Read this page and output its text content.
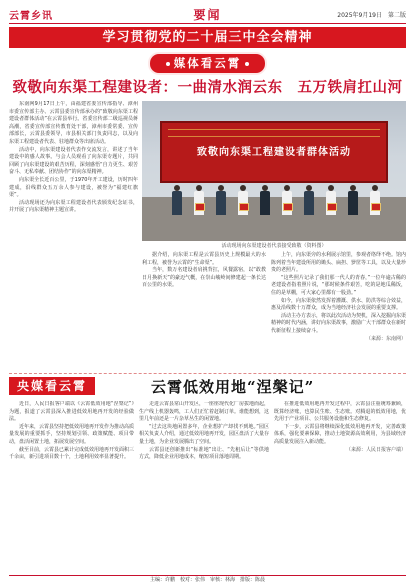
云霄乡讯	要闻	2025年9月19日　第二版
学习贯彻党的二十届三中全会精神
媒体看云霄
致敬向东渠工程建设者：一曲清水润云东　五万铁肩扛山河

东南网9月17日上午，由福建省委宣传部指导、漳州市委宣传部主办、云霄县委宣传部承办的“致敬向东渠工程建设者群体活动”在云霄县举行。省委宣传部二级巡视员蒋高潮，省委宣传部宣传教育处干部，漳州市委常委、宣传部部长，云霄县委领导，市县相关部门负责同志，以及向东渠工程建设者代表、驻地群众等出席活动。

活动中，向东渠建设者代表作交流发言，讲述了当年建设中的感人故事。与会人员观看了向东渠专题片，共同回顾了向东渠建设的艰苦历程，深刻感悟“自力更生、艰苦奋斗、无私奉献、团结协作”的向东渠精神。

向东渠全长近百公里，于1970年开工建设，历时四年建成，沿线群众五万余人参与建设，被誉为“福建红旗渠”。

活动现场还为向东渠工程建设者代表颁发纪念证书，并开展了向东渠精神主题宣讲。

致敬向东渠工程建设者群体活动
活动现场向东渠建设者代表接受致敬（资料图）

据介绍，向东渠工程是云霄县历史上规模最大的水利工程，被誉为云霄的“生命渠”。

当年，数万名建设者肩挑背扛，风餐露宿，以“敢教日月换新天”的豪迈气概，在崇山峻岭间修建起一条长达百公里的水渠。

上午，向东渠旁的水利展示馆里，参观者络绎不绝。馆内陈列着当年建设所用的锄头、扁担、箩筐等工具，以及大量珍贵的老照片。

“这些照片记录了我们那一代人的青春，”一位年逾古稀的老建设者指着照片说，“那时候条件艰苦，吃的是地瓜稀饭，住的是草棚，可大家心里都有一股劲。”

如今，向东渠依然发挥着灌溉、供水、防洪等综合效益，惠及沿线数十万群众，成为当地经济社会发展的重要支撑。

活动主办方表示，将以此次活动为契机，深入挖掘向东渠精神的时代内涵，讲好向东渠故事，激励广大干部群众在新时代新征程上接续奋斗。

（来源：东南网）

央媒看云霄	云霄低效用地“涅槃记”

近日，人民日报客户端以《云霄低效用地“涅槃记”》为题，报道了云霄县深入推进低效用地再开发的经验做法。

近年来，云霄县坚持把低效用地再开发作为推动高质量发展的重要抓手，坚持规划引领、政策赋能、项目带动，盘活闲置土地，拓展发展空间。

截至目前，云霄县已累计完成低效用地再开发面积三千余亩，新引进项目数十个，土地利用效率显著提升。

走进云霄县常山开发区，一座座现代化厂房拔地而起，生产线上机器轰鸣，工人们正忙着赶制订单。谁能想到，这里几年前还是一片杂草丛生的闲置地。

“过去这块地闲置多年，企业想扩产却找不到地。”园区相关负责人介绍，通过低效用地再开发，园区盘活了大量存量土地，为企业发展腾出了空间。

云霄县还创新推出“标准地”出让、“先租后让”等供地方式，降低企业用地成本，缩短项目落地周期。

在推进低效用地再开发过程中，云霄县注重统筹兼顾，既算经济账，也算民生账、生态账。对腾退的低效用地，优先用于产业项目、公共服务设施和生态修复。

下一步，云霄县将继续深化低效用地再开发，完善政策体系，强化要素保障，推动土地资源高效利用，为县域经济高质量发展注入新动能。

（来源：人民日报客户端）

主编：许鹏　校对：张伟　审核：林海　排版：陈晨
